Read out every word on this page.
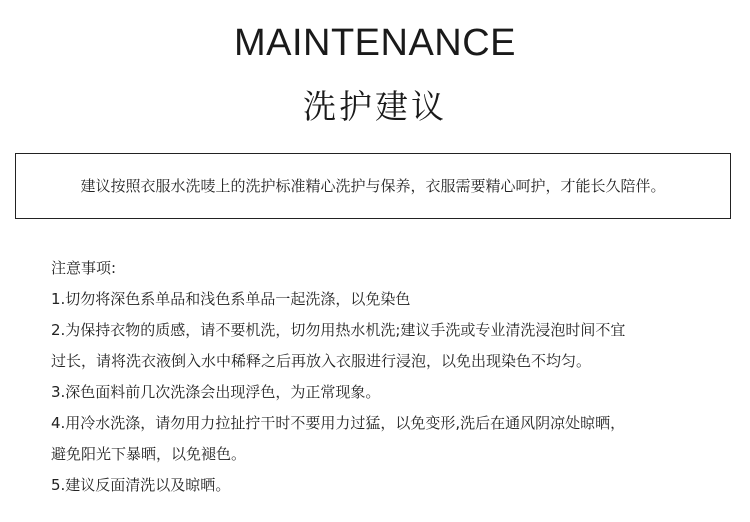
MAINTENANCE
洗护建议
建议按照衣服水洗唛上的洗护标准精心洗护与保养，衣服需要精心呵护，才能长久陪伴。
注意事项:
1.切勿将深色系单品和浅色系单品一起洗涤，以免染色
2.为保持衣物的质感，请不要机洗，切勿用热水机洗;建议手洗或专业清洗浸泡时间不宜
过长，请将洗衣液倒入水中稀释之后再放入衣服进行浸泡，以免出现染色不均匀。
3.深色面料前几次洗涤会出现浮色，为正常现象。
4.用冷水洗涤，请勿用力拉扯拧干时不要用力过猛，以免变形,洗后在通风阴凉处晾晒，
避免阳光下暴晒，以免褪色。
5.建议反面清洗以及晾晒。
